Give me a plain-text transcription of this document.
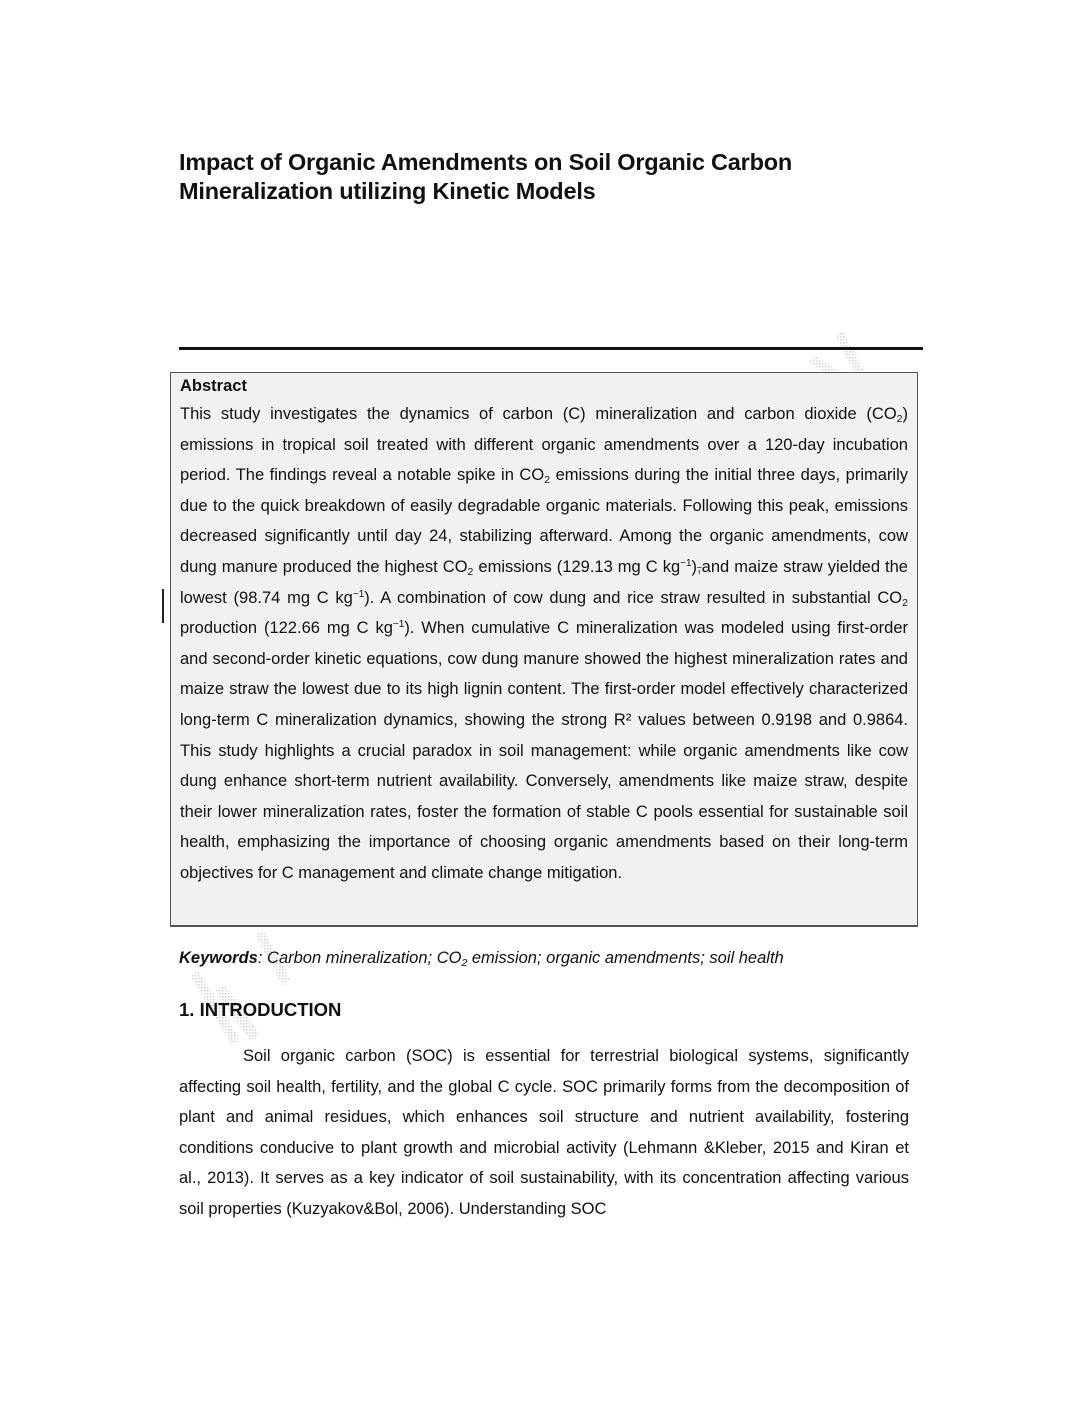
Impact of Organic Amendments on Soil Organic Carbon
Mineralization utilizing Kinetic Models
Abstract

This study investigates the dynamics of carbon (C) mineralization and carbon dioxide $(CO_2)$ emissions in tropical soil treated with different organic amendments over a 120-day incubation period. The findings reveal a notable spike in $CO_2$ emissions during the initial three days, primarily due to the quick breakdown of easily degradable organic materials. Following this peak, emissions decreased significantly until day 24, stabilizing afterward. Among the organic amendments, cow dung manure produced the highest $CO_2$ emissions (129.13 mg C $kg^{-1}),and$ maize straw yielded the lowest (98.74 mg C $kg^{-1}$). A combination of cow dung and rice straw resulted in substantial $CO_2$ production (122.66 mg C $kg^{-1}$). When cumulative C mineralization was modeled using first-order and second-order kinetic equations, cow dung manure showed the highest mineralization rates and maize straw the lowest due to its high lignin content. The first-order model effectively characterized long-term C mineralization dynamics, showing the strong R² values between 0.9198 and 0.9864. This study highlights a crucial paradox in soil management: while organic amendments like cow dung enhance short-term nutrient availability. Conversely, amendments like maize straw, despite their lower mineralization rates, foster the formation of stable C pools essential for sustainable soil health, emphasizing the importance of choosing organic amendments based on their long-term objectives for C management and climate change mitigation.

Keywords: Carbon mineralization; $CO_2$ emission; organic amendments; soil health
1. INTRODUCTION

Soil organic carbon (SOC) is essential for terrestrial biological systems, significantly affecting soil health, fertility, and the global C cycle. SOC primarily forms from the decomposition of plant and animal residues, which enhances soil structure and nutrient availability, fostering conditions conducive to plant growth and microbial activity (Lehmann &Kleber, 2015 and Kiran et al., 2013). It serves as a key indicator of soil sustainability, with its concentration affecting various soil properties (Kuzyakov&Bol, 2006). Understanding SOC
